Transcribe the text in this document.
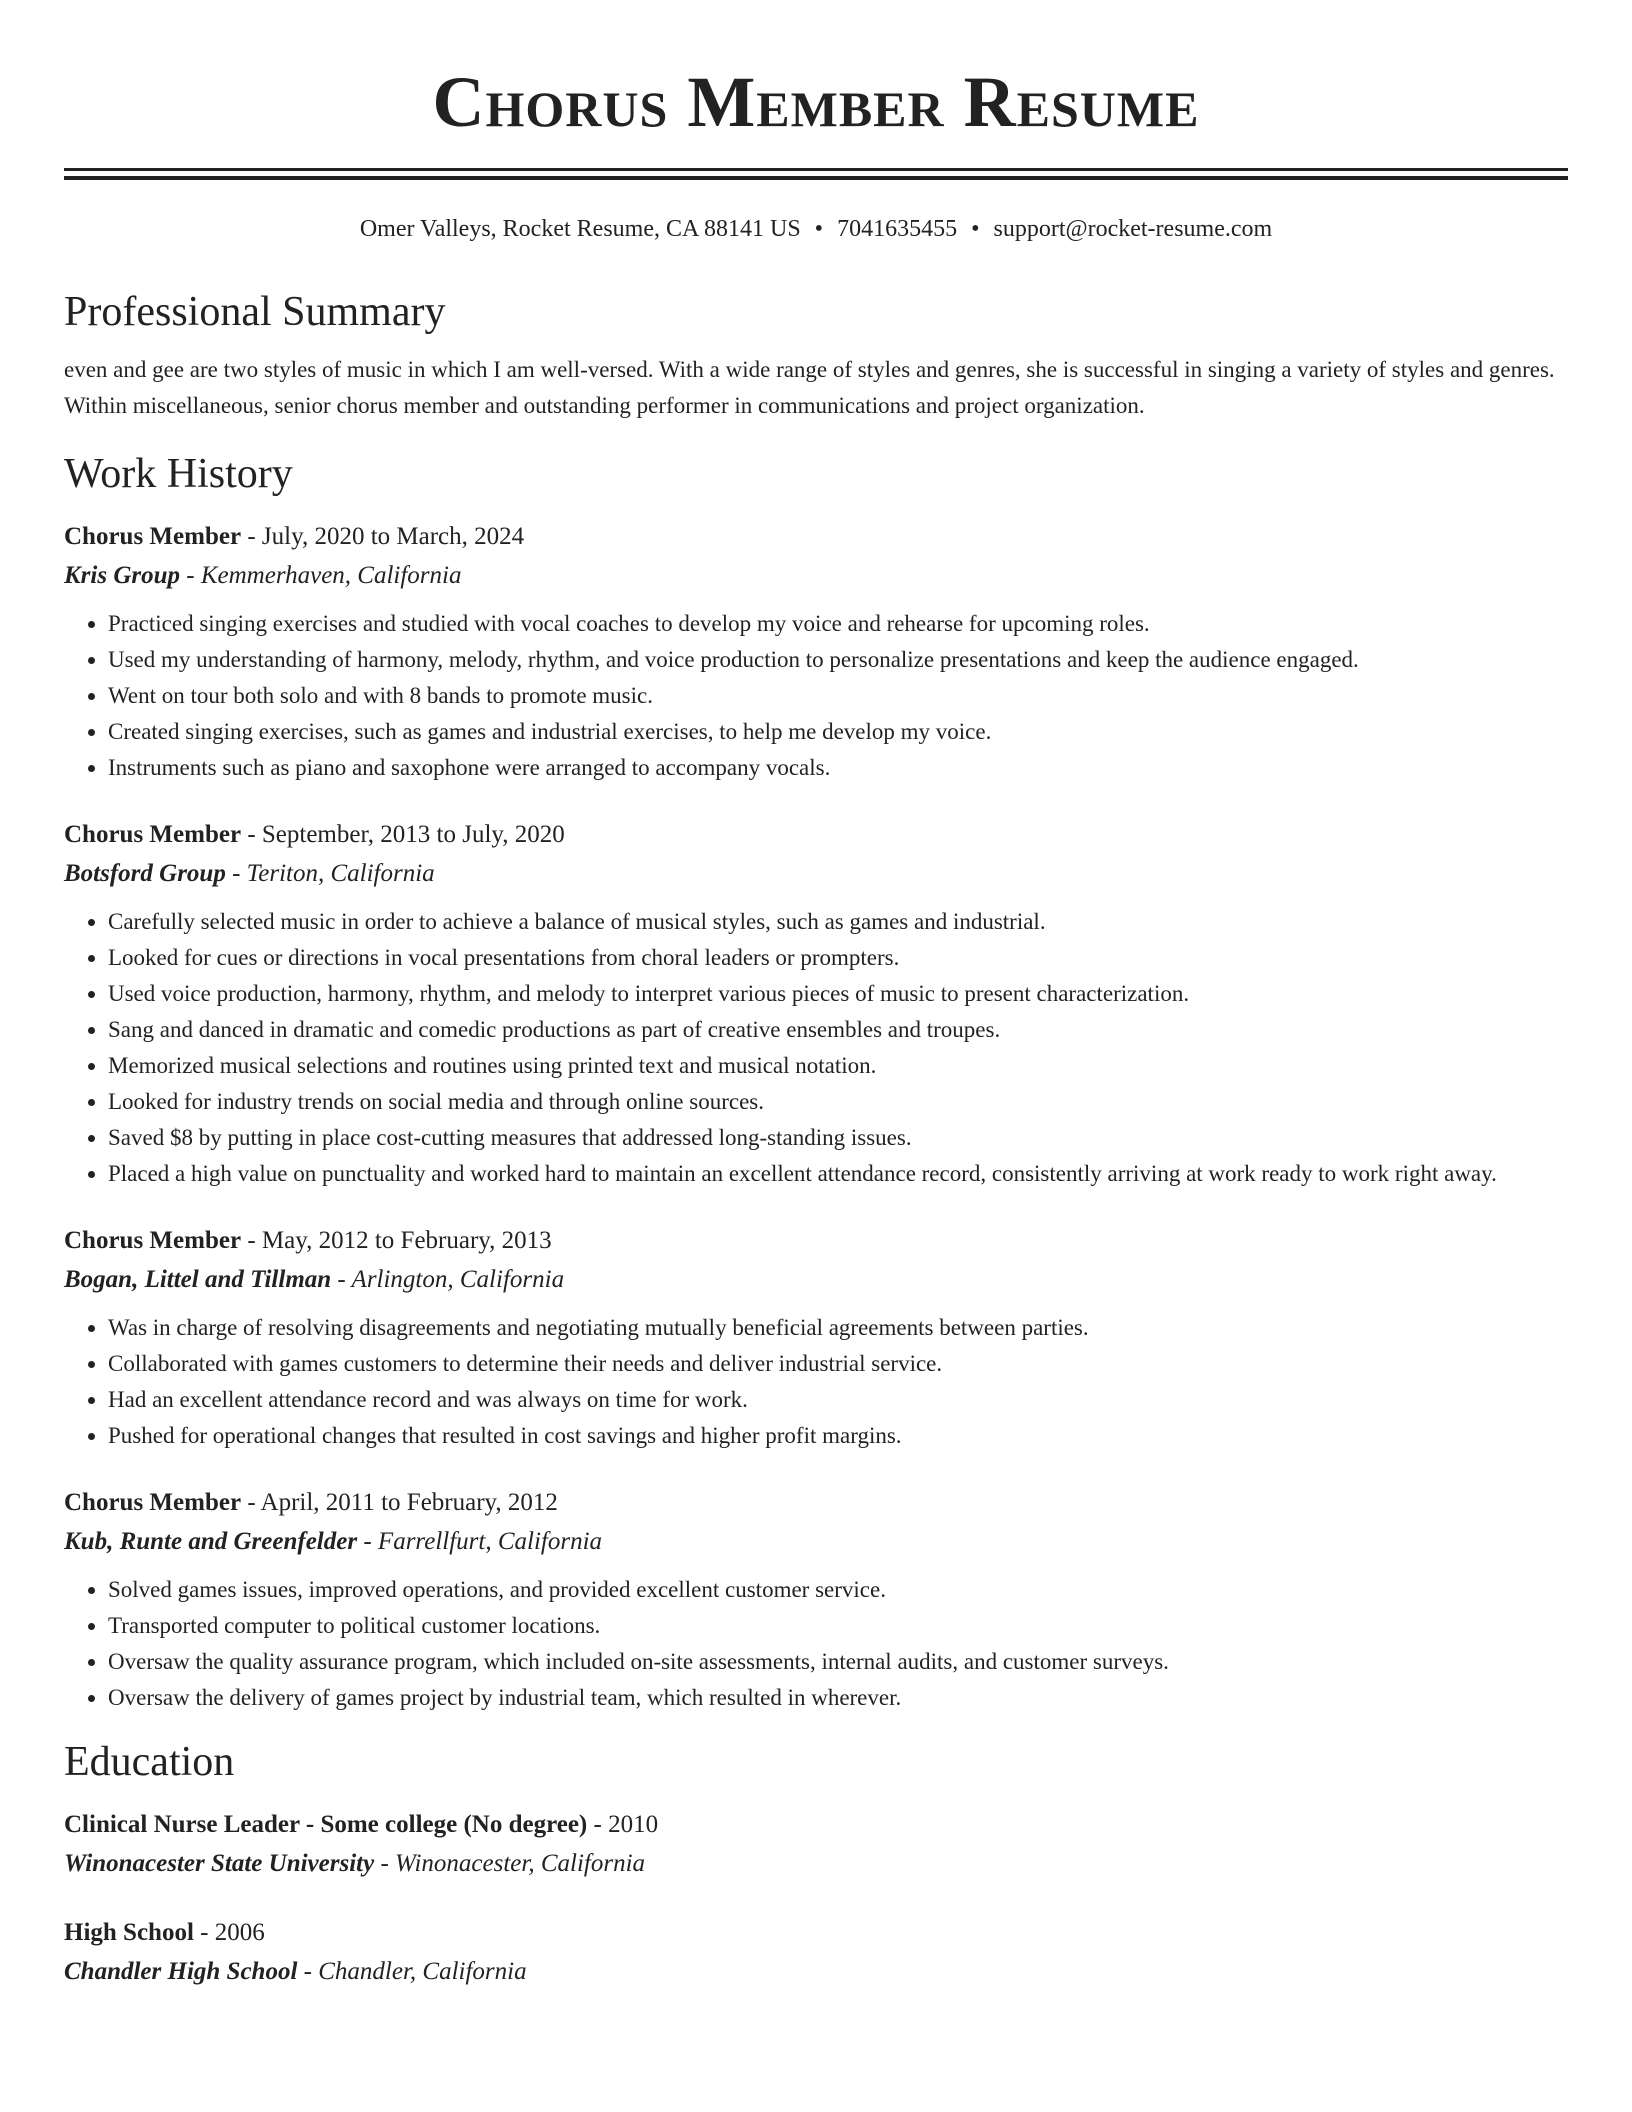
Chorus Member Resume
Omer Valleys, Rocket Resume, CA 88141 US • 7041635455 • support@rocket-resume.com
Professional Summary

even and gee are two styles of music in which I am well-versed. With a wide range of styles and genres, she is successful in singing a variety of styles and genres. Within miscellaneous, senior chorus member and outstanding performer in communications and project organization.

Work History
Chorus Member - July, 2020 to March, 2024
Kris Group - Kemmerhaven, California
• Practiced singing exercises and studied with vocal coaches to develop my voice and rehearse for upcoming roles.
• Used my understanding of harmony, melody, rhythm, and voice production to personalize presentations and keep the audience engaged.
• Went on tour both solo and with 8 bands to promote music.
• Created singing exercises, such as games and industrial exercises, to help me develop my voice.
• Instruments such as piano and saxophone were arranged to accompany vocals.
Chorus Member - September, 2013 to July, 2020
Botsford Group - Teriton, California
• Carefully selected music in order to achieve a balance of musical styles, such as games and industrial.
• Looked for cues or directions in vocal presentations from choral leaders or prompters.
• Used voice production, harmony, rhythm, and melody to interpret various pieces of music to present characterization.
• Sang and danced in dramatic and comedic productions as part of creative ensembles and troupes.
• Memorized musical selections and routines using printed text and musical notation.
• Looked for industry trends on social media and through online sources.
• Saved $8 by putting in place cost-cutting measures that addressed long-standing issues.
• Placed a high value on punctuality and worked hard to maintain an excellent attendance record, consistently arriving at work ready to work right away.
Chorus Member - May, 2012 to February, 2013
Bogan, Littel and Tillman - Arlington, California
• Was in charge of resolving disagreements and negotiating mutually beneficial agreements between parties.
• Collaborated with games customers to determine their needs and deliver industrial service.
• Had an excellent attendance record and was always on time for work.
• Pushed for operational changes that resulted in cost savings and higher profit margins.
Chorus Member - April, 2011 to February, 2012
Kub, Runte and Greenfelder - Farrellfurt, California
• Solved games issues, improved operations, and provided excellent customer service.
• Transported computer to political customer locations.
• Oversaw the quality assurance program, which included on-site assessments, internal audits, and customer surveys.
• Oversaw the delivery of games project by industrial team, which resulted in wherever.
Education
Clinical Nurse Leader - Some college (No degree) - 2010
Winonacester State University - Winonacester, California
High School - 2006
Chandler High School - Chandler, California
